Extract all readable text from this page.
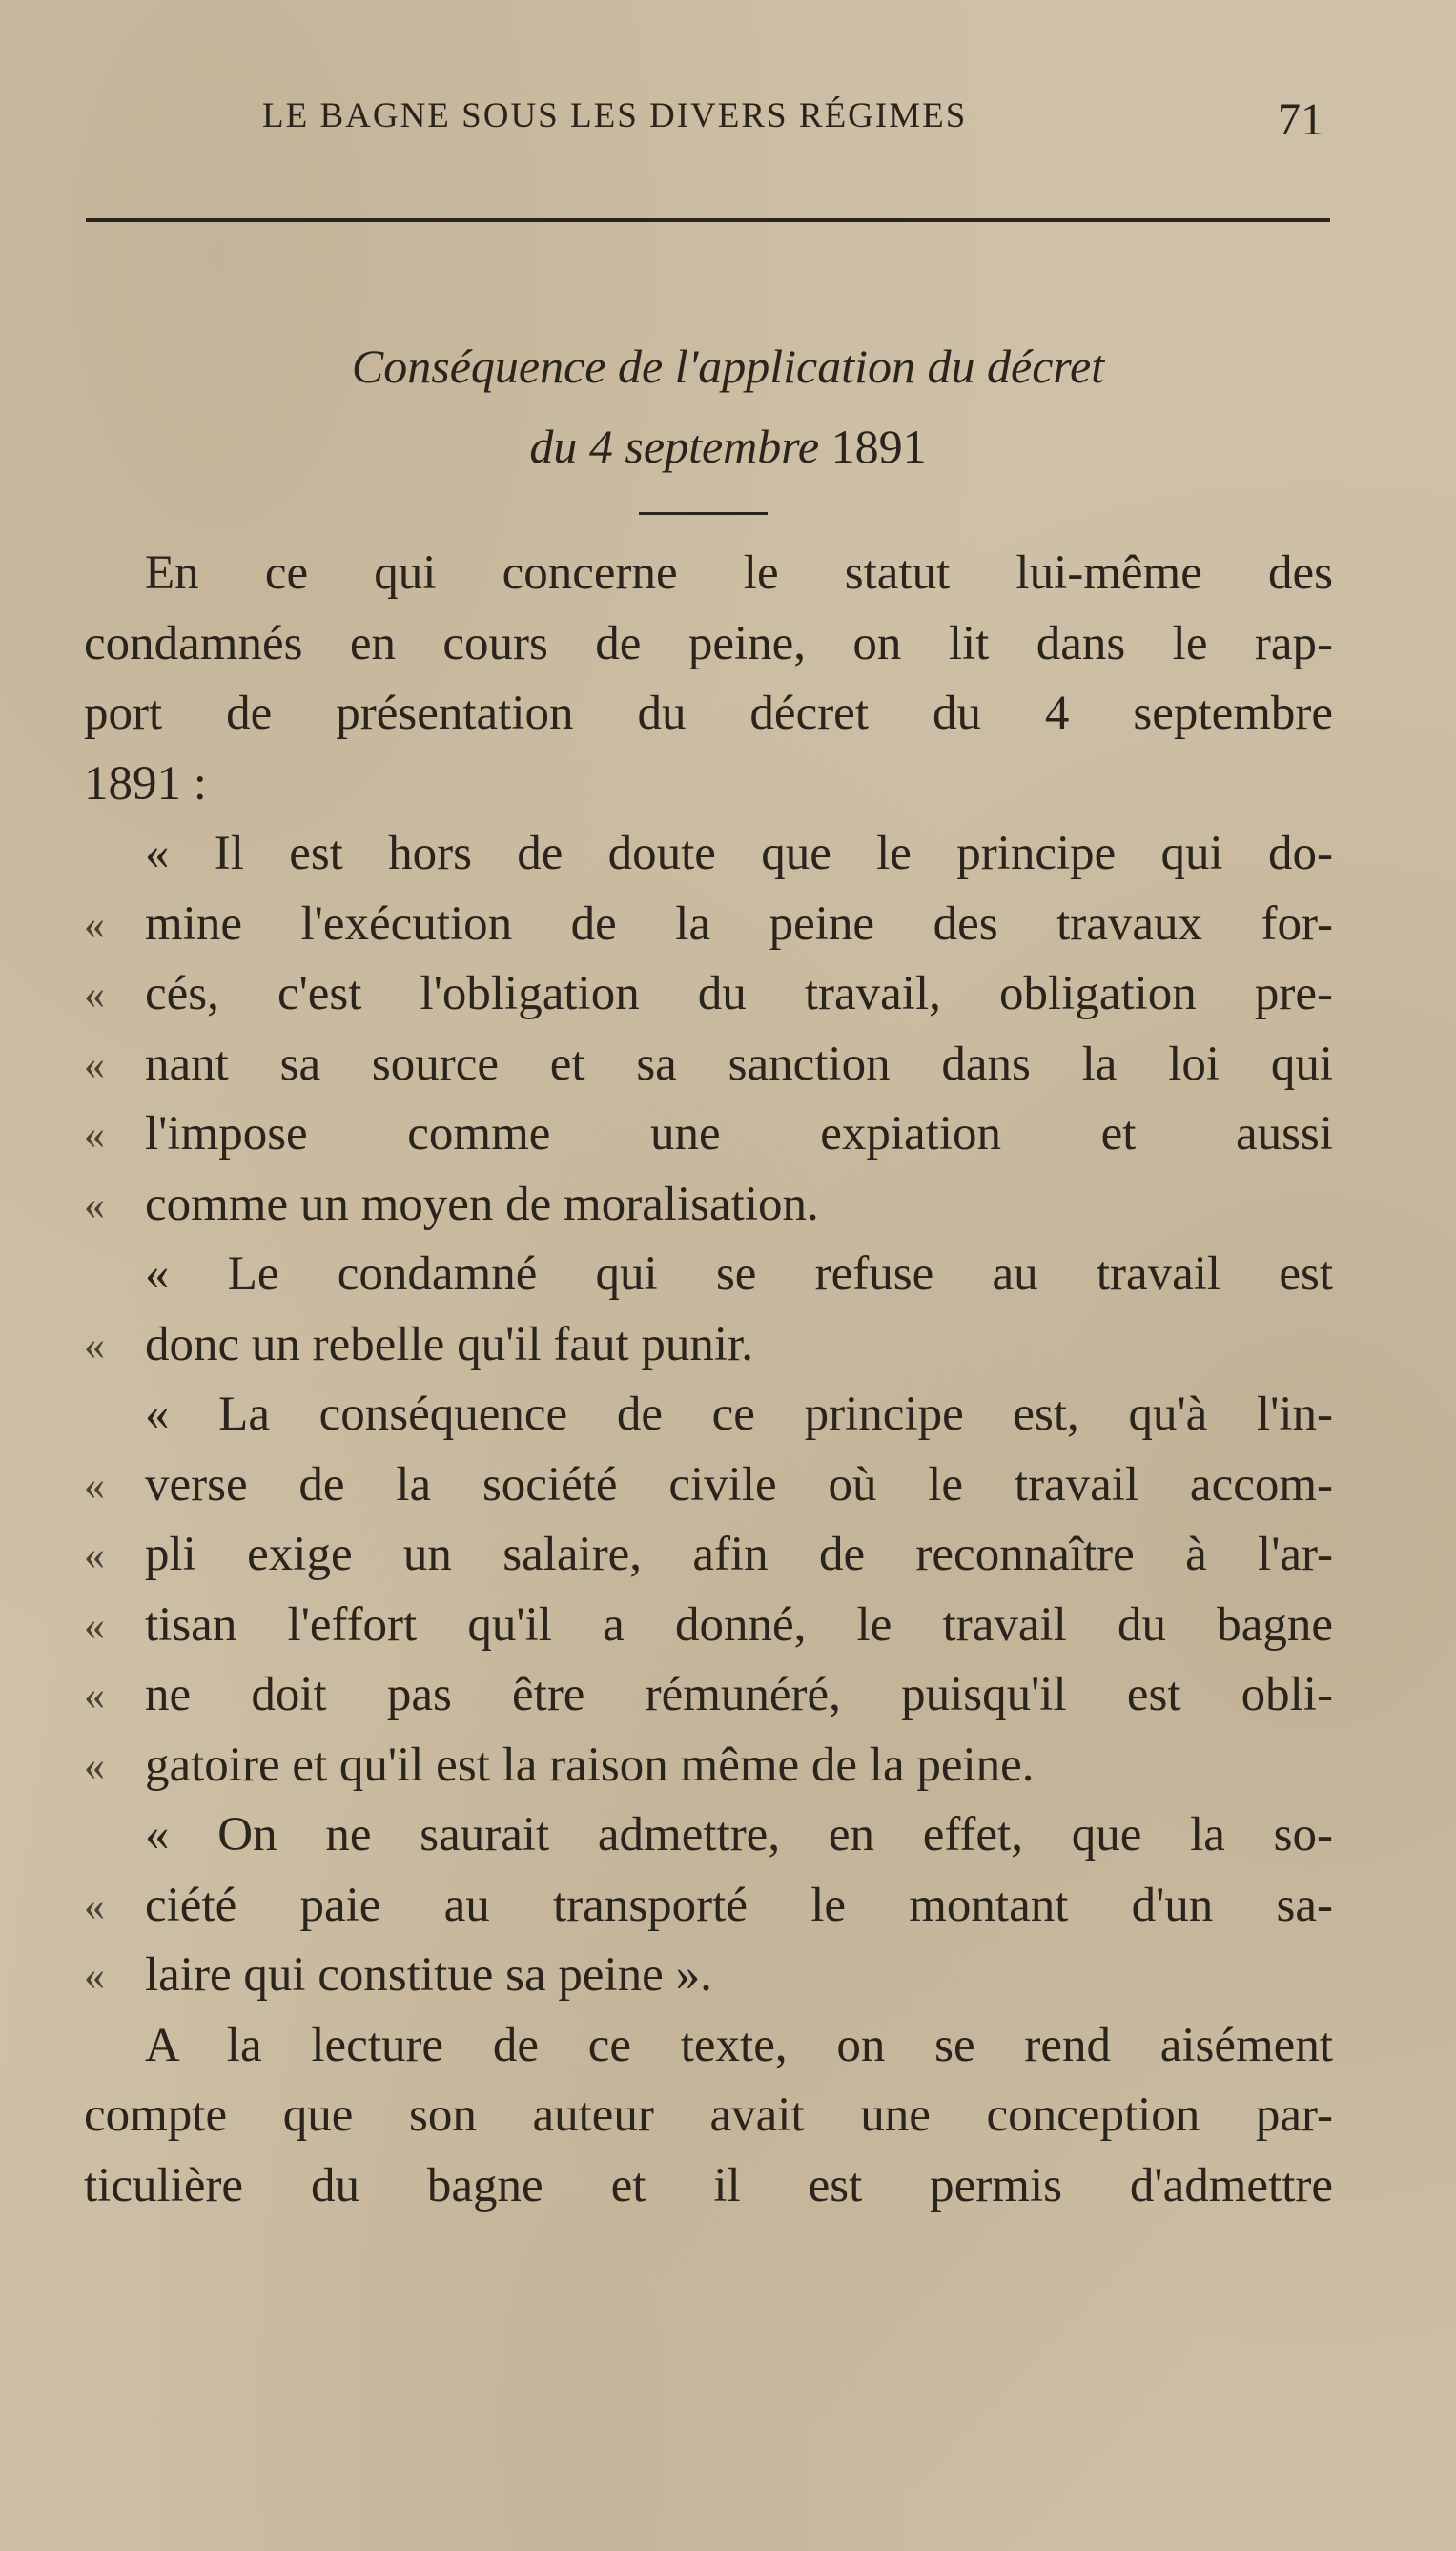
LE BAGNE SOUS LES DIVERS RÉGIMES	71
Conséquence de l'application du décret
du 4 septembre 1891
En ce qui concerne le statut lui-même des
condamnés en cours de peine, on lit dans le rap-
port de présentation du décret du 4 septembre
1891 :
« Il est hors de doute que le principe qui do-
« mine l'exécution de la peine des travaux for-
« cés, c'est l'obligation du travail, obligation pre-
« nant sa source et sa sanction dans la loi qui
« l'impose comme une expiation et aussi
« comme un moyen de moralisation.
« Le condamné qui se refuse au travail est
« donc un rebelle qu'il faut punir.
« La conséquence de ce principe est, qu'à l'in-
« verse de la société civile où le travail accom-
« pli exige un salaire, afin de reconnaître à l'ar-
« tisan l'effort qu'il a donné, le travail du bagne
« ne doit pas être rémunéré, puisqu'il est obli-
« gatoire et qu'il est la raison même de la peine.
« On ne saurait admettre, en effet, que la so-
« ciété paie au transporté le montant d'un sa-
« laire qui constitue sa peine ».
A la lecture de ce texte, on se rend aisément
compte que son auteur avait une conception par-
ticulière du bagne et il est permis d'admettre
